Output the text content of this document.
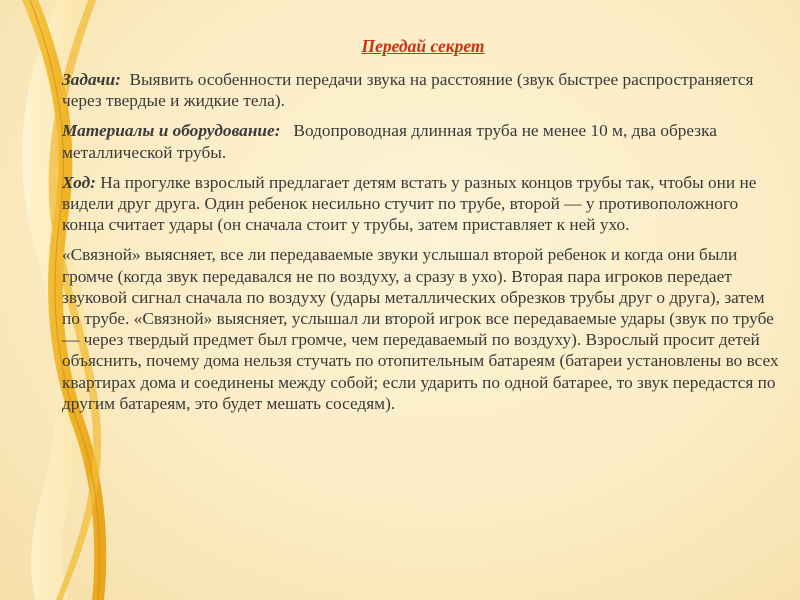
Передай секрет

Задачи: Выявить особенности передачи звука на расстояние (звук быстрее распространяется через твердые и жидкие тела).

Материалы и оборудование: Водопроводная длинная труба не менее 10 м, два обрезка металлической трубы.

Ход: На прогулке взрослый предлагает детям встать у разных концов трубы так, чтобы они не видели друг друга. Один ребенок несильно стучит по трубе, второй — у противоположного конца считает удары (он сначала стоит у трубы, затем приставляет к ней ухо.

«Связной» выясняет, все ли передаваемые звуки услышал второй ребенок и когда они были громче (когда звук передавался не по воздуху, а сразу в ухо). Вторая пара игроков передает звуковой сигнал сначала по воздуху (удары металлических обрезков трубы друг о друга), затем по трубе. «Связной» выясняет, услышал ли второй игрок все передаваемые удары (звук по трубе — через твердый предмет был громче, чем передаваемый по воздуху). Взрослый просит детей объяснить, почему дома нельзя стучать по отопительным батареям (батареи установлены во всех квартирах дома и соединены между собой; если ударить по одной батарее, то звук передастся по другим батареям, это будет мешать соседям).
